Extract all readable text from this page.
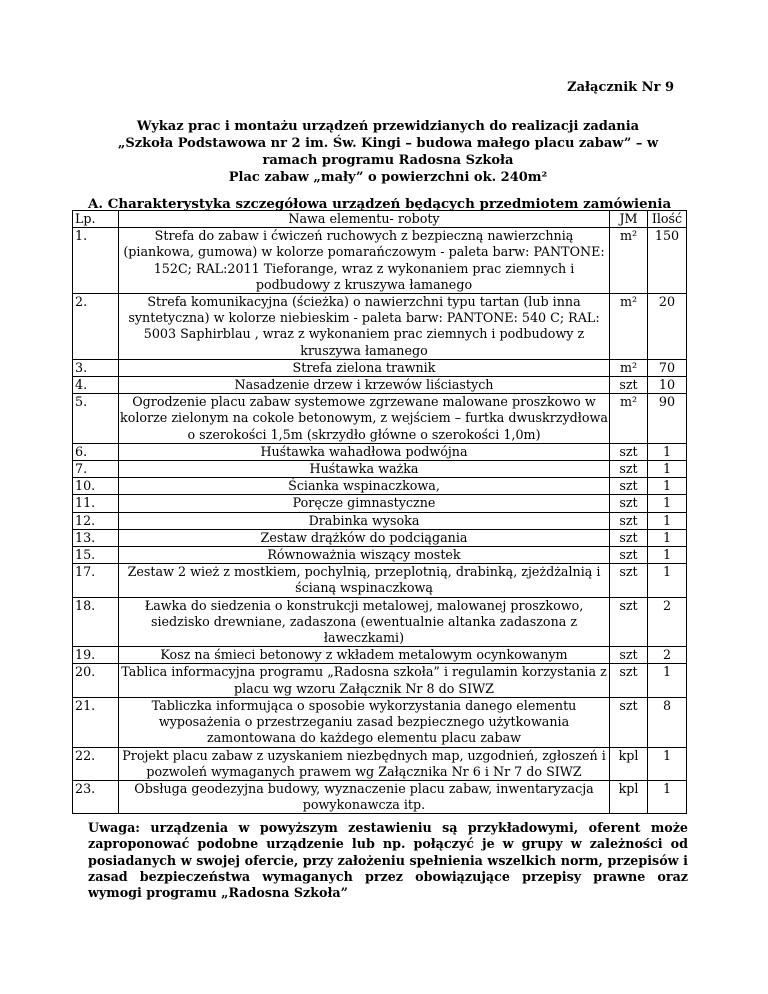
Załącznik Nr 9
Wykaz prac i montażu urządzeń przewidzianych do realizacji zadania
„Szkoła Podstawowa nr 2 im. Św. Kingi – budowa małego placu zabaw” – w
ramach programu Radosna Szkoła
Plac zabaw „mały” o powierzchni ok. 240m²
A. Charakterystyka szczegółowa urządzeń będących przedmiotem zamówienia
Lp.	Nawa elementu- roboty	JM	Ilość
1.	Strefa do zabaw i ćwiczeń ruchowych z bezpieczną nawierzchnią (piankowa, gumowa) w kolorze pomarańczowym - paleta barw: PANTONE: 152C; RAL:2011 Tieforange, wraz z wykonaniem prac ziemnych i podbudowy z kruszywa łamanego	m²	150
2.	Strefa komunikacyjna (ścieżka) o nawierzchni typu tartan (lub inna syntetyczna) w kolorze niebieskim - paleta barw: PANTONE: 540 C; RAL: 5003 Saphirblau , wraz z wykonaniem prac ziemnych i podbudowy z kruszywa łamanego	m²	20
3.	Strefa zielona trawnik	m²	70
4.	Nasadzenie drzew i krzewów liściastych	szt	10
5.	Ogrodzenie placu zabaw systemowe zgrzewane malowane proszkowo w kolorze zielonym na cokole betonowym, z wejściem – furtka dwuskrzydłowa o szerokości 1,5m (skrzydło główne o szerokości 1,0m)	m²	90
6.	Huśtawka wahadłowa podwójna	szt	1
7.	Huśtawka ważka	szt	1
10.	Ścianka wspinaczkowa,	szt	1
11.	Poręcze gimnastyczne	szt	1
12.	Drabinka wysoka	szt	1
13.	Zestaw drążków do podciągania	szt	1
15.	Równoważnia wiszący mostek	szt	1
17.	Zestaw 2 wież z mostkiem, pochylnią, przeplotnią, drabinką, zjeżdżalnią i ścianą wspinaczkową	szt	1
18.	Ławka do siedzenia o konstrukcji metalowej, malowanej proszkowo, siedzisko drewniane, zadaszona (ewentualnie altanka zadaszona z ławeczkami)	szt	2
19.	Kosz na śmieci betonowy z wkładem metalowym ocynkowanym	szt	2
20.	Tablica informacyjna programu „Radosna szkoła” i regulamin korzystania z placu wg wzoru Załącznik Nr 8 do SIWZ	szt	1
21.	Tabliczka informująca o sposobie wykorzystania danego elementu wyposażenia o przestrzeganiu zasad bezpiecznego użytkowania zamontowana do każdego elementu placu zabaw	szt	8
22.	Projekt placu zabaw z uzyskaniem niezbędnych map, uzgodnień, zgłoszeń i pozwoleń wymaganych prawem wg Załącznika Nr 6 i Nr 7 do SIWZ	kpl	1
23.	Obsługa geodezyjna budowy, wyznaczenie placu zabaw, inwentaryzacja powykonawcza itp.	kpl	1
Uwaga: urządzenia w powyższym zestawieniu są przykładowymi, oferent może zaproponować podobne urządzenie lub np. połączyć je w grupy w zależności od posiadanych w swojej ofercie, przy założeniu spełnienia wszelkich norm, przepisów i zasad bezpieczeństwa wymaganych przez obowiązujące przepisy prawne oraz wymogi programu „Radosna Szkoła”
